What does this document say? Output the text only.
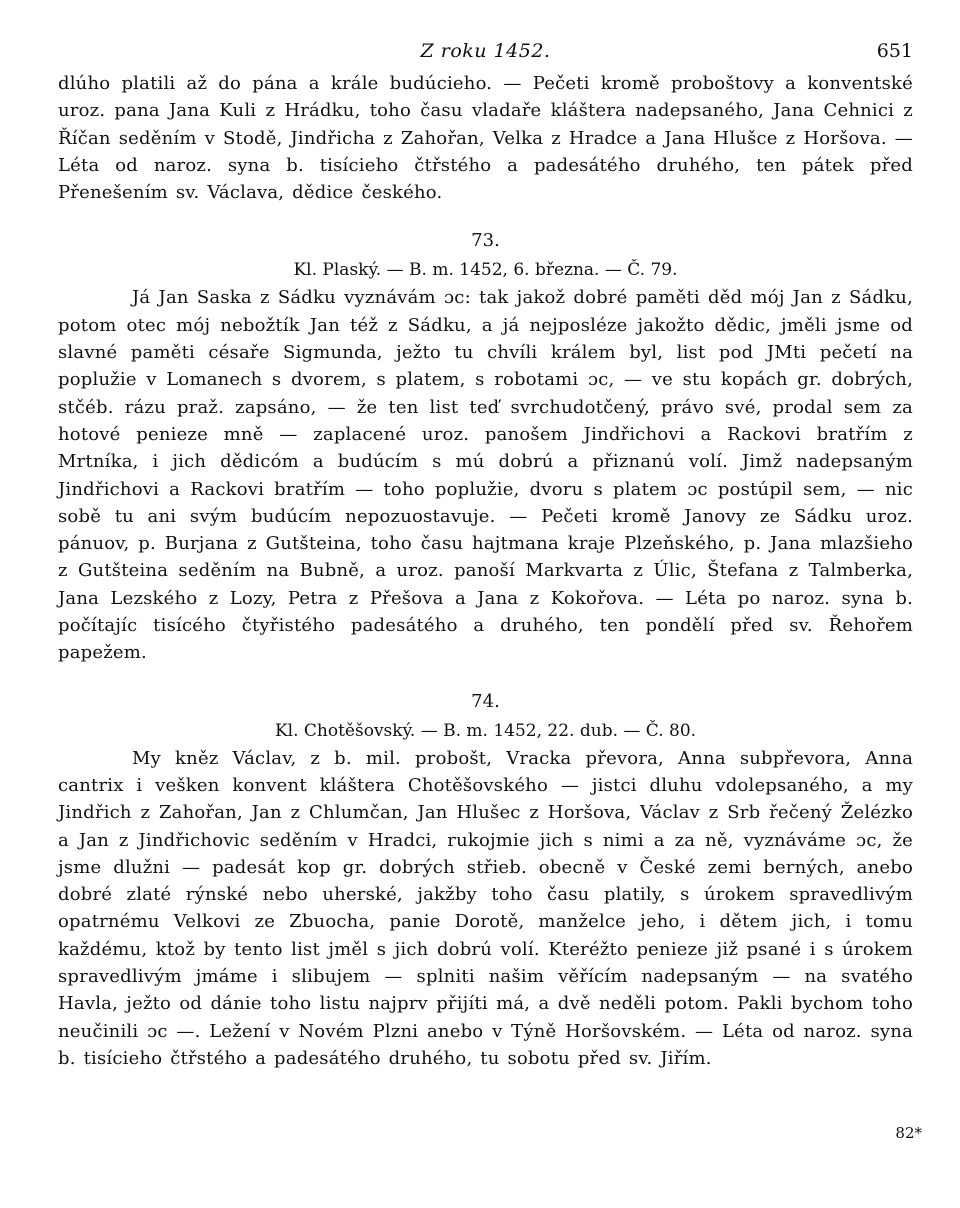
Z roku 1452.	651

dlúho platili až do pána a krále budúcieho. — Pečeti kromě proboštovy a konventské uroz. pana Jana Kuli z Hrádku, toho času vladaře kláštera nadepsaného, Jana Cehnici z Říčan seděním v Stodě, Jindřicha z Zahořan, Velka z Hradce a Jana Hlušce z Horšova. — Léta od naroz. syna b. tisícieho čtřstého a padesátého druhého, ten pátek před Přenešením sv. Václava, dědice českého.

73.
Kl. Plaský. — B. m. 1452, 6. března. — Č. 79.

Já Jan Saska z Sádku vyznávám ɔc: tak jakož dobré paměti děd mój Jan z Sádku, potom otec mój nebožtík Jan též z Sádku, a já nejposléze jakožto dědic, jměli jsme od slavné paměti césaře Sigmunda, ježto tu chvíli králem byl, list pod JMti pečetí na poplužie v Lomanech s dvorem, s platem, s robotami ɔc, — ve stu kopách gr. dobrých, stčéb. rázu praž. zapsáno, — že ten list teď svrchudotčený, právo své, prodal sem za hotové penieze mně — zaplacené uroz. panošem Jindřichovi a Rackovi bratřím z Mrtníka, i jich dědicóm a budúcím s mú dobrú a přiznanú volí. Jimž nadepsaným Jindřichovi a Rackovi bratřím — toho poplužie, dvoru s platem ɔc postúpil sem, — nic sobě tu ani svým budúcím nepozuostavuje. — Pečeti kromě Janovy ze Sádku uroz. pánuov, p. Burjana z Gutšteina, toho času hajtmana kraje Plzeňského, p. Jana mlazšieho z Gutšteina seděním na Bubně, a uroz. panoší Markvarta z Úlic, Štefana z Talmberka, Jana Lezského z Lozy, Petra z Přešova a Jana z Kokořova. — Léta po naroz. syna b. počítajíc tisícého čtyřistého padesátého a druhého, ten pondělí před sv. Řehořem papežem.

74.
Kl. Chotěšovský. — B. m. 1452, 22. dub. — Č. 80.

My kněz Václav, z b. mil. probošt, Vracka převora, Anna subpřevora, Anna cantrix i vešken konvent kláštera Chotěšovského — jistci dluhu vdolepsaného, a my Jindřich z Zahořan, Jan z Chlumčan, Jan Hlušec z Horšova, Václav z Srb řečený Želézko a Jan z Jindřichovic seděním v Hradci, rukojmie jich s nimi a za ně, vyznáváme ɔc, že jsme dlužni — padesát kop gr. dobrých střieb. obecně v České zemi berných, anebo dobré zlaté rýnské nebo uherské, jakžby toho času platily, s úrokem spravedlivým opatrnému Velkovi ze Zbuocha, panie Dorotě, manželce jeho, i dětem jich, i tomu každému, ktož by tento list jměl s jich dobrú volí. Kteréžto penieze již psané i s úrokem spravedlivým jmáme i slibujem — splniti našim věřícím nadepsaným — na svatého Havla, ježto od dánie toho listu najprv přijíti má, a dvě neděli potom. Pakli bychom toho neučinili ɔc —. Ležení v Novém Plzni anebo v Týně Horšovském. — Léta od naroz. syna b. tisícieho čtřstého a padesátého druhého, tu sobotu před sv. Jiřím.

82*
